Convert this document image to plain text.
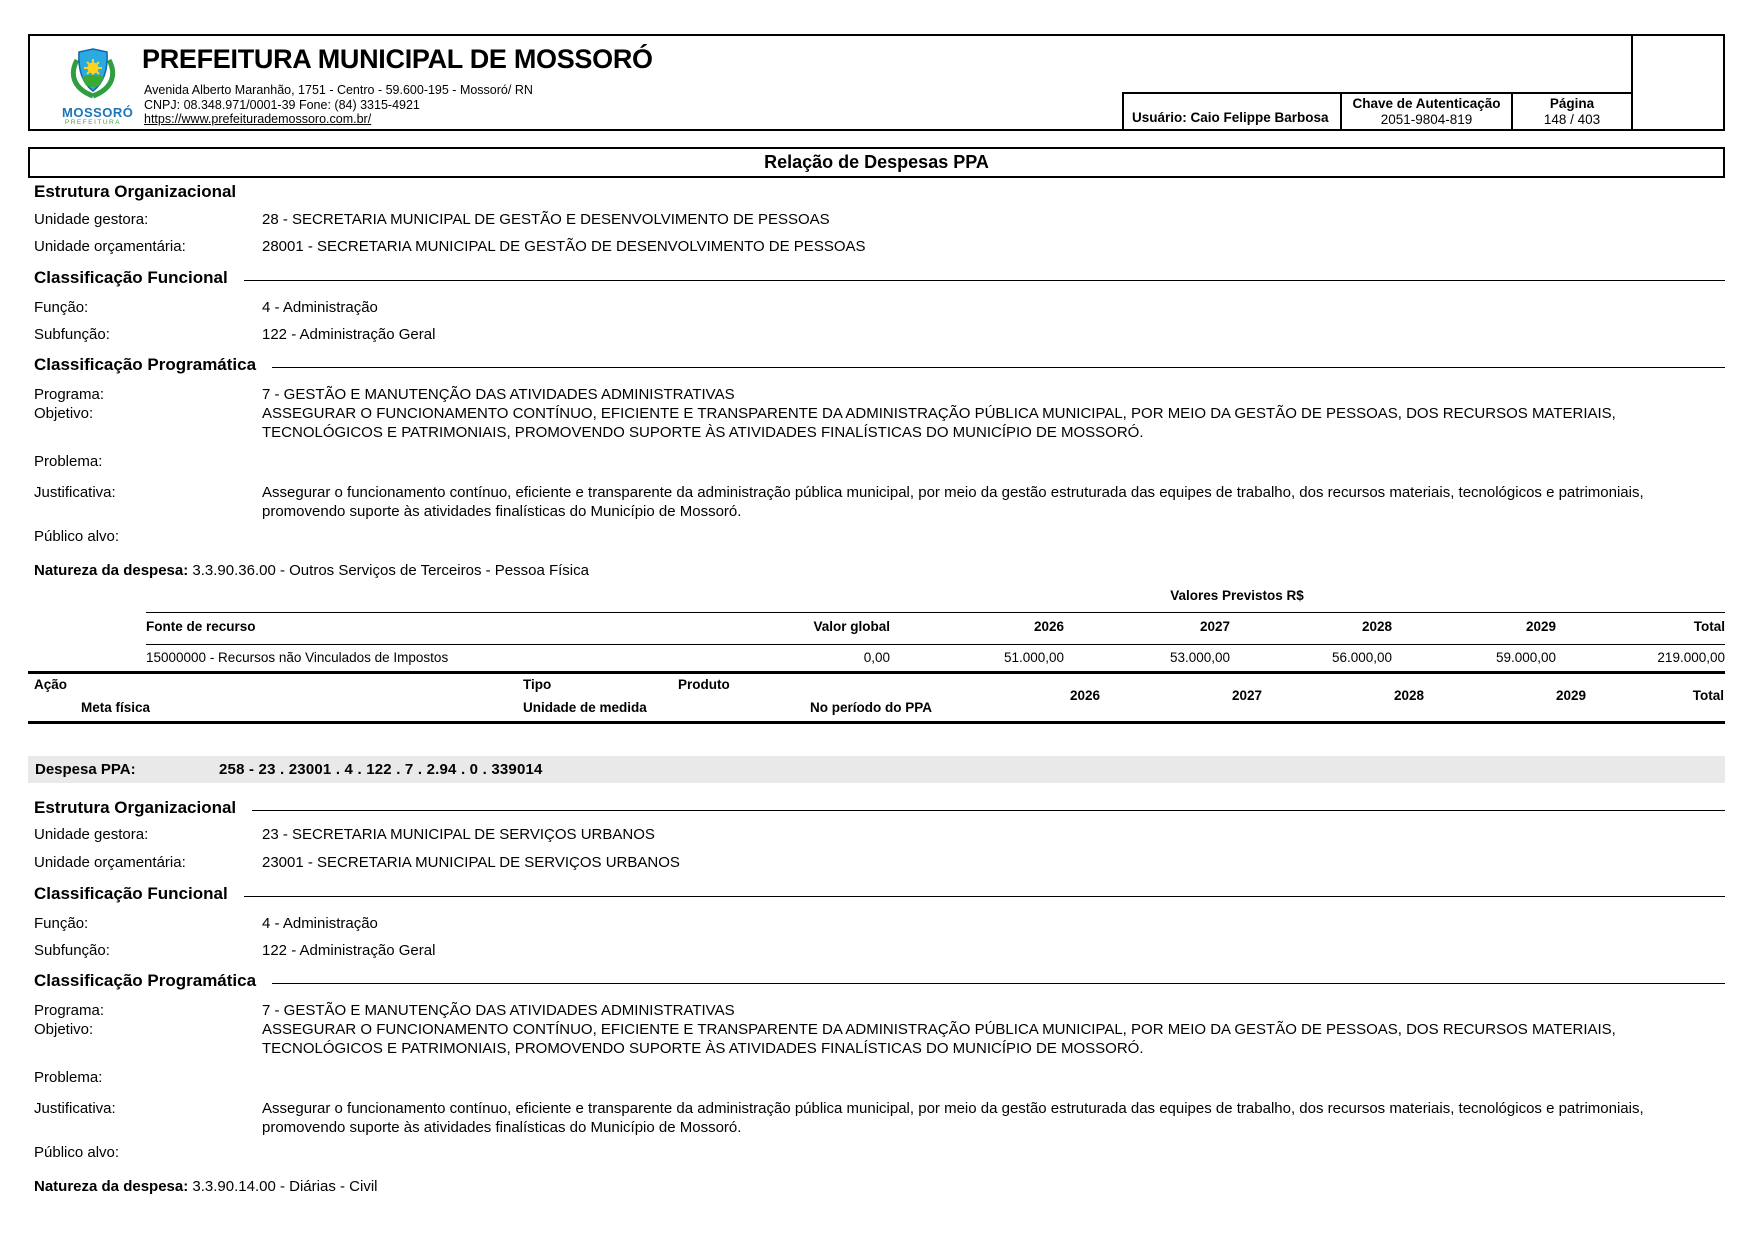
MOSSORÓ
PREFEITURA
PREFEITURA MUNICIPAL DE MOSSORÓ
Avenida Alberto Maranhão, 1751 - Centro - 59.600-195 - Mossoró/ RN
CNPJ: 08.348.971/0001-39 Fone: (84) 3315-4921
https://www.prefeiturademossoro.com.br/	Usuário: Caio Felippe Barbosa
Chave de Autenticação
2051-9804-819
Página
148 / 403
Relação de Despesas PPA
Estrutura Organizacional
Unidade gestora:	28 - SECRETARIA MUNICIPAL DE GESTÃO E DESENVOLVIMENTO DE PESSOAS
Unidade orçamentária:	28001 - SECRETARIA MUNICIPAL DE GESTÃO DE DESENVOLVIMENTO DE PESSOAS
Classificação Funcional
Função:	4 - Administração
Subfunção:	122 - Administração Geral
Classificação Programática
Programa:	7 - GESTÃO E MANUTENÇÃO DAS ATIVIDADES ADMINISTRATIVAS
Objetivo:	ASSEGURAR O FUNCIONAMENTO CONTÍNUO, EFICIENTE E TRANSPARENTE DA ADMINISTRAÇÃO PÚBLICA MUNICIPAL, POR MEIO DA GESTÃO DE PESSOAS, DOS RECURSOS MATERIAIS, TECNOLÓGICOS E PATRIMONIAIS, PROMOVENDO SUPORTE ÀS ATIVIDADES FINALÍSTICAS DO MUNICÍPIO DE MOSSORÓ.
Problema:
Justificativa:	Assegurar o funcionamento contínuo, eficiente e transparente da administração pública municipal, por meio da gestão estruturada das equipes de trabalho, dos recursos materiais, tecnológicos e patrimoniais, promovendo suporte às atividades finalísticas do Município de Mossoró.
Público alvo:
Natureza da despesa: 3.3.90.36.00 - Outros Serviços de Terceiros - Pessoa Física
Valores Previstos R$
Fonte de recurso	Valor global	2026	2027	2028	2029	Total
15000000 - Recursos não Vinculados de Impostos	0,00	51.000,00	53.000,00	56.000,00	59.000,00	219.000,00
Ação	Tipo	Produto
2026	2027	2028	2029	Total
Meta física	Unidade de medida	No período do PPA
Despesa PPA:	258 - 23 . 23001 . 4 . 122 . 7 . 2.94 . 0 . 339014
Estrutura Organizacional
Unidade gestora:	23 - SECRETARIA MUNICIPAL DE SERVIÇOS URBANOS
Unidade orçamentária:	23001 - SECRETARIA MUNICIPAL DE SERVIÇOS URBANOS
Classificação Funcional
Função:	4 - Administração
Subfunção:	122 - Administração Geral
Classificação Programática
Programa:	7 - GESTÃO E MANUTENÇÃO DAS ATIVIDADES ADMINISTRATIVAS
Objetivo:	ASSEGURAR O FUNCIONAMENTO CONTÍNUO, EFICIENTE E TRANSPARENTE DA ADMINISTRAÇÃO PÚBLICA MUNICIPAL, POR MEIO DA GESTÃO DE PESSOAS, DOS RECURSOS MATERIAIS, TECNOLÓGICOS E PATRIMONIAIS, PROMOVENDO SUPORTE ÀS ATIVIDADES FINALÍSTICAS DO MUNICÍPIO DE MOSSORÓ.
Problema:
Justificativa:	Assegurar o funcionamento contínuo, eficiente e transparente da administração pública municipal, por meio da gestão estruturada das equipes de trabalho, dos recursos materiais, tecnológicos e patrimoniais, promovendo suporte às atividades finalísticas do Município de Mossoró.
Público alvo:
Natureza da despesa: 3.3.90.14.00 - Diárias - Civil
